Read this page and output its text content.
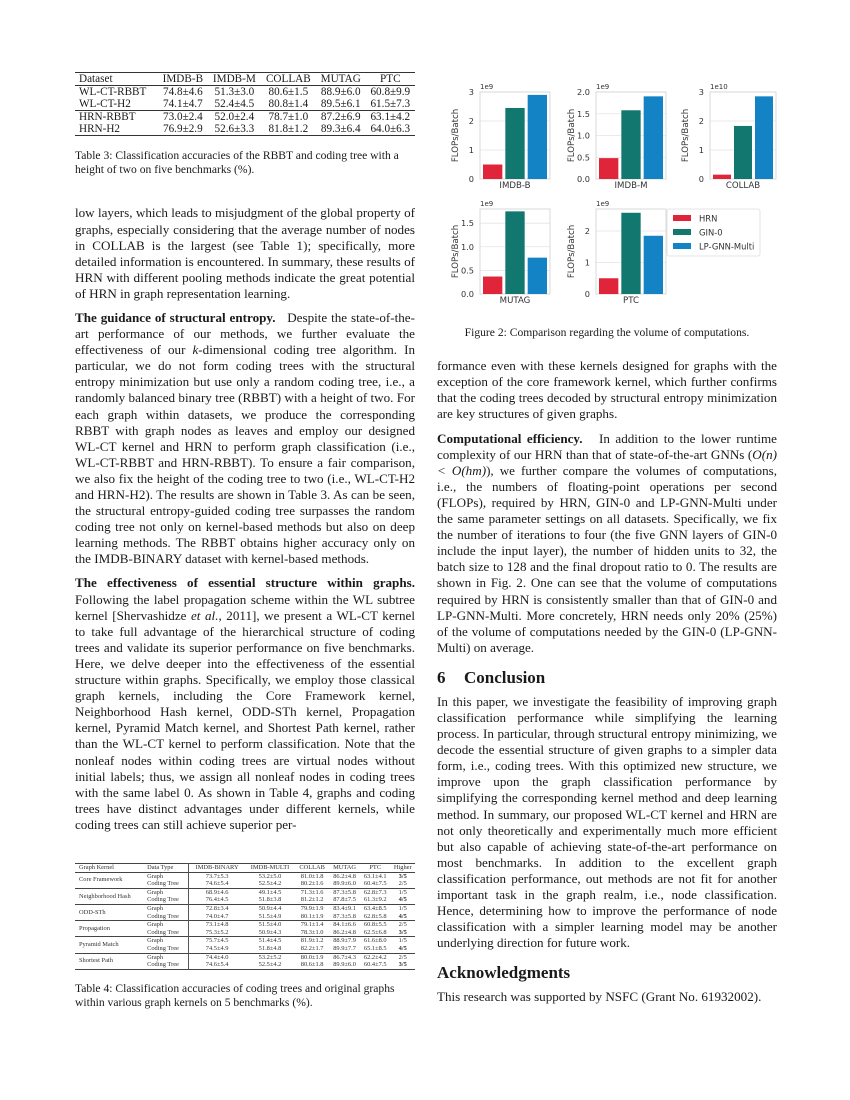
Dataset	IMDB-B	IMDB-M	COLLAB	MUTAG	PTC
WL-CT-RBBT	74.8±4.6	51.3±3.0	80.6±1.5	88.9±6.0	60.8±9.9
WL-CT-H2	74.1±4.7	52.4±4.5	80.8±1.4	89.5±6.1	61.5±7.3
HRN-RBBT	73.0±2.4	52.0±2.4	78.7±1.0	87.2±6.9	63.1±4.2
HRN-H2	76.9±2.9	52.6±3.3	81.8±1.2	89.3±6.4	64.0±6.3
Table 3: Classification accuracies of the RBBT and coding tree with a height of two on five benchmarks (%).

low layers, which leads to misjudgment of the global property of graphs, especially considering that the average number of nodes in COLLAB is the largest (see Table 1); specifically, more detailed information is encountered. In summary, these results of HRN with different pooling methods indicate the great potential of HRN in graph representation learning.

The guidance of structural entropy. Despite the state-of-the-art performance of our methods, we further evaluate the effectiveness of our k-dimensional coding tree algorithm. In particular, we do not form coding trees with the structural entropy minimization but use only a random coding tree, i.e., a randomly balanced binary tree (RBBT) with a height of two. For each graph within datasets, we produce the corresponding RBBT with graph nodes as leaves and employ our designed WL-CT kernel and HRN to perform graph classification (i.e., WL-CT-RBBT and HRN-RBBT). To ensure a fair comparison, we also fix the height of the coding tree to two (i.e., WL-CT-H2 and HRN-H2). The results are shown in Table 3. As can be seen, the structural entropy-guided coding tree surpasses the random coding tree not only on kernel-based methods but also on deep learning methods. The RBBT obtains higher accuracy only on the IMDB-BINARY dataset with kernel-based methods.

The effectiveness of essential structure within graphs. Following the label propagation scheme within the WL subtree kernel [Shervashidze et al., 2011], we present a WL-CT kernel to take full advantage of the hierarchical structure of coding trees and validate its superior performance on five benchmarks. Here, we delve deeper into the effectiveness of the essential structure within graphs. Specifically, we employ those classical graph kernels, including the Core Framework kernel, Neighborhood Hash kernel, ODD-STh kernel, Propagation kernel, Pyramid Match kernel, and Shortest Path kernel, rather than the WL-CT kernel to perform classification. Note that the nonleaf nodes within coding trees are virtual nodes without initial labels; thus, we assign all nonleaf nodes in coding trees with the same label 0. As shown in Table 4, graphs and coding trees have distinct advantages under different kernels, while coding trees can still achieve superior per-

Graph Kernel	Data Type	IMDB-BINARY	IMDB-MULTI	COLLAB	MUTAG	PTC	Higher
Core Framework	Graph	73.7±5.3	53.2±5.0	81.0±1.8	86.2±4.8	63.1±4.1	3/5
	Coding Tree	74.6±5.4	52.5±4.2	80.2±1.6	89.9±6.0	60.4±7.5	2/5
Neighborhood Hash	Graph	68.9±4.6	49.1±4.5	71.3±1.6	87.3±5.8	62.8±7.3	1/5
	Coding Tree	76.4±4.5	51.8±3.8	81.2±1.2	87.8±7.5	61.3±9.2	4/5
ODD-STh	Graph	72.8±3.4	50.9±4.4	79.9±1.9	83.4±9.1	63.4±8.5	1/5
	Coding Tree	74.0±4.7	51.5±4.9	80.1±1.9	87.3±5.8	62.8±5.8	4/5
Propagation	Graph	73.1±4.8	51.5±4.0	79.1±1.4	84.1±6.6	60.8±5.5	2/5
	Coding Tree	75.3±5.2	50.9±4.3	78.3±1.0	86.2±4.8	62.5±6.8	3/5
Pyramid Match	Graph	75.7±4.5	51.4±4.5	81.9±1.2	88.9±7.9	61.6±8.0	1/5
	Coding Tree	74.5±4.9	51.8±4.8	82.2±1.7	89.9±7.7	65.1±8.5	4/5
Shortest Path	Graph	74.4±4.0	53.2±5.2	80.0±1.9	86.7±4.3	62.2±4.2	2/5
	Coding Tree	74.6±5.4	52.5±4.2	80.6±1.8	89.9±6.0	60.4±7.5	3/5
Table 4: Classification accuracies of coding trees and original graphs within various graph kernels on 5 benchmarks (%).
0
1
2
3 1e9
FLOPs/Batch
IMDB-B
0.0
0.5
1.0
1.5
2.0 1e9
FLOPs/Batch
IMDB-M
0
1
2
3 1e10
FLOPs/Batch
COLLAB
0.0
0.5
1.0
1.5
1e9
FLOPs/Batch
MUTAG
0
1
2
1e9
FLOPs/Batch
PTC
HRN
GIN-0
LP-GNN-Multi
Figure 2: Comparison regarding the volume of computations.

formance even with these kernels designed for graphs with the exception of the core framework kernel, which further confirms that the coding trees decoded by structural entropy minimization are key structures of given graphs.

Computational efficiency. In addition to the lower runtime complexity of our HRN than that of state-of-the-art GNNs (O(n) < O(hm)), we further compare the volumes of computations, i.e., the numbers of floating-point operations per second (FLOPs), required by HRN, GIN-0 and LP-GNN-Multi under the same parameter settings on all datasets. Specifically, we fix the number of iterations to four (the five GNN layers of GIN-0 include the input layer), the number of hidden units to 32, the batch size to 128 and the final dropout ratio to 0. The results are shown in Fig. 2. One can see that the volume of computations required by HRN is consistently smaller than that of GIN-0 and LP-GNN-Multi. More concretely, HRN needs only 20% (25%) of the volume of computations needed by the GIN-0 (LP-GNN-Multi) on average.

6 Conclusion

In this paper, we investigate the feasibility of improving graph classification performance while simplifying the learning process. In particular, through structural entropy minimizing, we decode the essential structure of given graphs to a simpler data form, i.e., coding trees. With this optimized new structure, we improve upon the graph classification performance by simplifying the corresponding kernel method and deep learning method. In summary, our proposed WL-CT kernel and HRN are not only theoretically and experimentally much more efficient but also capable of achieving state-of-the-art performance on most benchmarks. In addition to the excellent graph classification performance, out methods are not fit for another important task in the graph realm, i.e., node classification. Hence, determining how to improve the performance of node classification with a simpler learning model may be another underlying direction for future work.

Acknowledgments

This research was supported by NSFC (Grant No. 61932002).
